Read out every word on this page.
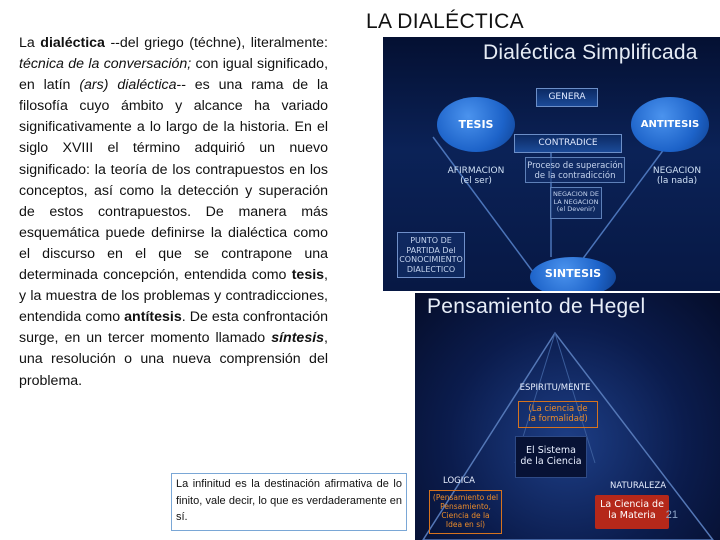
LA DIALÉCTICA
La dialéctica --del griego (téchne), literalmente: técnica de la conversación; con igual significado, en latín (ars) dialéctica-- es una rama de la filosofía cuyo ámbito y alcance ha variado significativamente a lo largo de la historia. En el siglo XVIII el término adquirió un nuevo significado: la teoría de los contrapuestos en los conceptos, así como la detección y superación de estos contrapuestos. De manera más esquemática puede definirse la dialéctica como el discurso en el que se contrapone una determinada concepción, entendida como tesis, y la muestra de los problemas y contradicciones, entendida como antítesis. De esta confrontación surge, en un tercer momento llamado síntesis, una resolución o una nueva comprensión del problema.
Dialéctica Simplificada
GENERA
CONTRADICE
TESIS	ANTITESIS
AFIRMACION
(el ser)
Proceso de superación
de la contradicción	NEGACION
(la nada)
NEGACION DE
LA NEGACION
(el Devenir)
PUNTO DE
PARTIDA Del
CONOCIMIENTO
DIALECTICO	SINTESIS
Pensamiento de Hegel
ESPIRITU/MENTE
(La ciencia de
la formalidad)
El Sistema
de la Ciencia
LOGICA
(Pensamiento del
Pensamiento,
Ciencia de la
Idea en sí)
NATURALEZA
La Ciencia de
la Materia 21
La infinitud es la destinación afirmativa de lo finito, vale decir, lo que es verdaderamente en sí.
